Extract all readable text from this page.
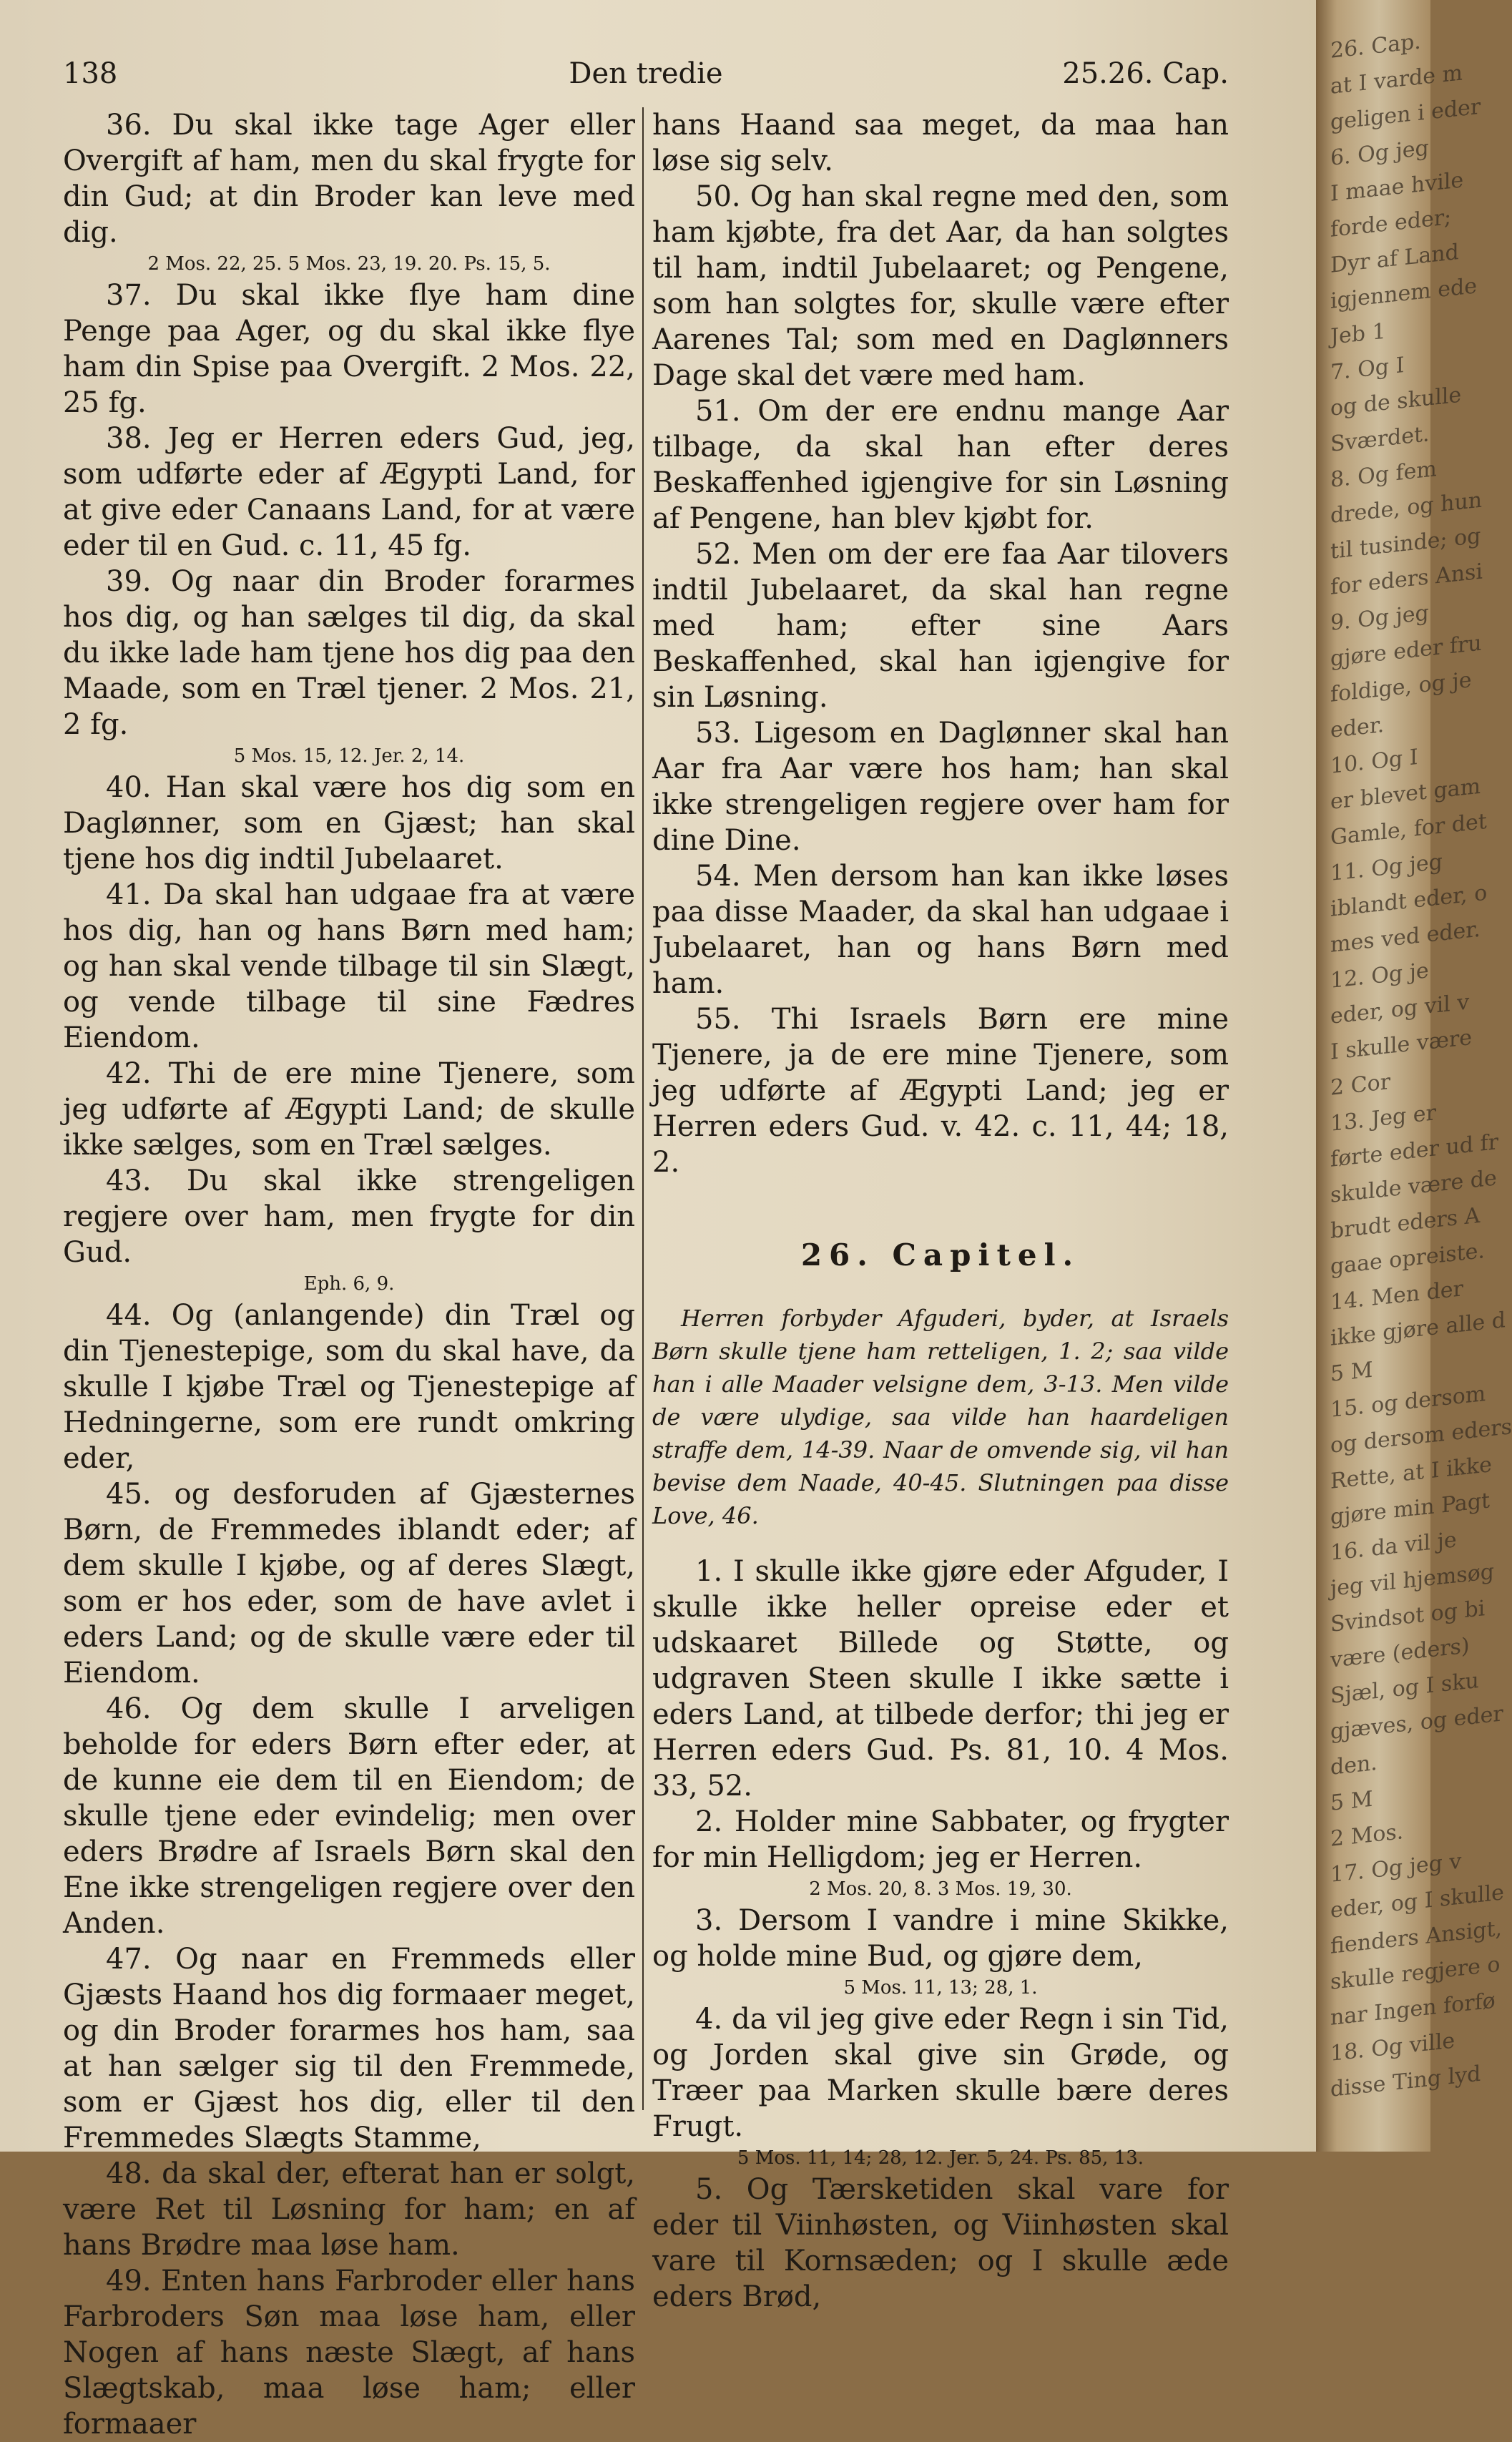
138	Den tredie	25.26. Cap.

36. Du skal ikke tage Ager eller Overgift af ham, men du skal frygte for din Gud; at din Broder kan leve med dig.

2 Mos. 22, 25. 5 Mos. 23, 19. 20. Ps. 15, 5.

37. Du skal ikke flye ham dine Penge paa Ager, og du skal ikke flye ham din Spise paa Overgift. 2 Mos. 22, 25 fg.

38. Jeg er Herren eders Gud, jeg, som udførte eder af Ægypti Land, for at give eder Canaans Land, for at være eder til en Gud. c. 11, 45 fg.

39. Og naar din Broder forarmes hos dig, og han sælges til dig, da skal du ikke lade ham tjene hos dig paa den Maade, som en Træl tjener. 2 Mos. 21, 2 fg.

5 Mos. 15, 12. Jer. 2, 14.

40. Han skal være hos dig som en Daglønner, som en Gjæst; han skal tjene hos dig indtil Jubelaaret.

41. Da skal han udgaae fra at være hos dig, han og hans Børn med ham; og han skal vende tilbage til sin Slægt, og vende tilbage til sine Fædres Eiendom.

42. Thi de ere mine Tjenere, som jeg udførte af Ægypti Land; de skulle ikke sælges, som en Træl sælges.

43. Du skal ikke strengeligen regjere over ham, men frygte for din Gud.

Eph. 6, 9.

44. Og (anlangende) din Træl og din Tjenestepige, som du skal have, da skulle I kjøbe Træl og Tjenestepige af Hedningerne, som ere rundt omkring eder,

45. og desforuden af Gjæsternes Børn, de Fremmedes iblandt eder; af dem skulle I kjøbe, og af deres Slægt, som er hos eder, som de have avlet i eders Land; og de skulle være eder til Eiendom.

46. Og dem skulle I arveligen beholde for eders Børn efter eder, at de kunne eie dem til en Eiendom; de skulle tjene eder evindelig; men over eders Brødre af Israels Børn skal den Ene ikke strengeligen regjere over den Anden.

47. Og naar en Fremmeds eller Gjæsts Haand hos dig formaaer meget, og din Broder forarmes hos ham, saa at han sælger sig til den Fremmede, som er Gjæst hos dig, eller til den Fremmedes Slægts Stamme,

48. da skal der, efterat han er solgt, være Ret til Løsning for ham; en af hans Brødre maa løse ham.

49. Enten hans Farbroder eller hans Farbroders Søn maa løse ham, eller Nogen af hans næste Slægt, af hans Slægtskab, maa løse ham; eller formaaer

hans Haand saa meget, da maa han løse sig selv.

50. Og han skal regne med den, som ham kjøbte, fra det Aar, da han solgtes til ham, indtil Jubelaaret; og Pengene, som han solgtes for, skulle være efter Aarenes Tal; som med en Daglønners Dage skal det være med ham.

51. Om der ere endnu mange Aar tilbage, da skal han efter deres Beskaffenhed igjengive for sin Løsning af Pengene, han blev kjøbt for.

52. Men om der ere faa Aar tilovers indtil Jubelaaret, da skal han regne med ham; efter sine Aars Beskaffenhed, skal han igjengive for sin Løsning.

53. Ligesom en Daglønner skal han Aar fra Aar være hos ham; han skal ikke strengeligen regjere over ham for dine Dine.

54. Men dersom han kan ikke løses paa disse Maader, da skal han udgaae i Jubelaaret, han og hans Børn med ham.

55. Thi Israels Børn ere mine Tjenere, ja de ere mine Tjenere, som jeg udførte af Ægypti Land; jeg er Herren eders Gud. v. 42. c. 11, 44; 18, 2.

26. Capitel.

Herren forbyder Afguderi, byder, at Israels Børn skulle tjene ham retteligen, 1. 2; saa vilde han i alle Maader velsigne dem, 3-13. Men vilde de være ulydige, saa vilde han haardeligen straffe dem, 14-39. Naar de omvende sig, vil han bevise dem Naade, 40-45. Slutningen paa disse Love, 46.

1. I skulle ikke gjøre eder Afguder, I skulle ikke heller opreise eder et udskaaret Billede og Støtte, og udgraven Steen skulle I ikke sætte i eders Land, at tilbede derfor; thi jeg er Herren eders Gud. Ps. 81, 10. 4 Mos. 33, 52.

2. Holder mine Sabbater, og frygter for min Helligdom; jeg er Herren.

2 Mos. 20, 8. 3 Mos. 19, 30.

3. Dersom I vandre i mine Skikke, og holde mine Bud, og gjøre dem,

5 Mos. 11, 13; 28, 1.

4. da vil jeg give eder Regn i sin Tid, og Jorden skal give sin Grøde, og Træer paa Marken skulle bære deres Frugt.

5 Mos. 11, 14; 28, 12. Jer. 5, 24. Ps. 85, 13.

5. Og Tærsketiden skal vare for eder til Viinhøsten, og Viinhøsten skal vare til Kornsæden; og I skulle æde eders Brød,

26. Cap.
at I varde m
geligen i eder
6. Og jeg
I maae hvile
forde eder;
Dyr af Land
igjennem ede
Jeb 1
7. Og I
og de skulle
Sværdet.
8. Og fem
drede, og hun
til tusinde; og
for eders Ansi
9. Og jeg
gjøre eder fru
foldige, og je
eder.
10. Og I
er blevet gam
Gamle, for det
11. Og jeg
iblandt eder, o
mes ved eder.
12. Og je
eder, og vil v
I skulle være
2 Cor
13. Jeg er
førte eder ud fr
skulde være de
brudt eders A
gaae opreiste.
14. Men der
ikke gjøre alle d
5 M
15. og dersom
og dersom eders
Rette, at I ikke
gjøre min Pagt
16. da vil je
jeg vil hjemsøg
Svindsot og bi
være (eders)
Sjæl, og I sku
gjæves, og eder
den.
5 M
2 Mos.
17. Og jeg v
eder, og I skulle
fienders Ansigt,
skulle regjere o
nar Ingen forfø
18. Og ville
disse Ting lyd
